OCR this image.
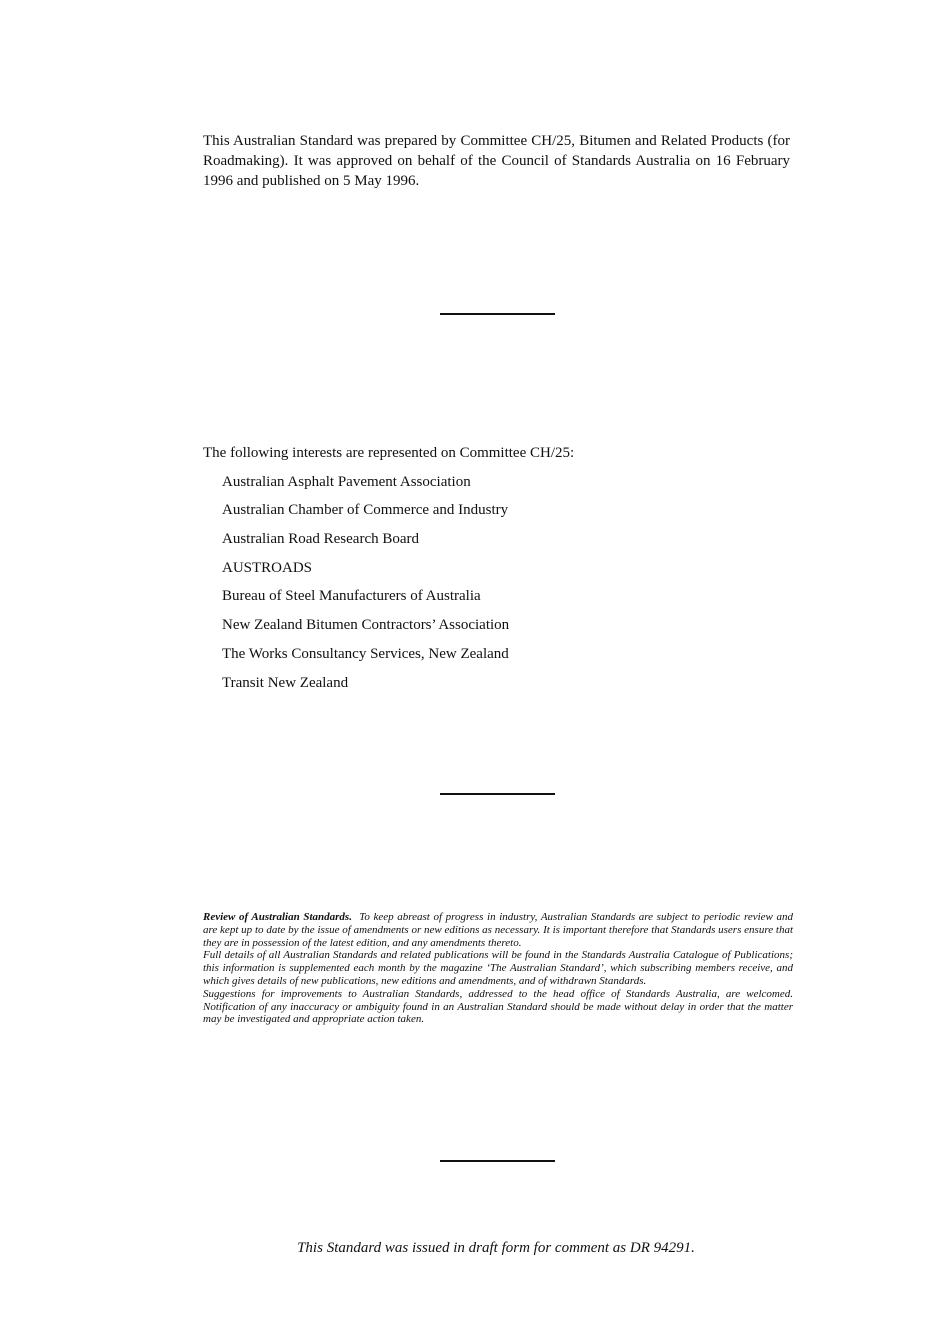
This Australian Standard was prepared by Committee CH/25, Bitumen and Related Products (for Roadmaking). It was approved on behalf of the Council of Standards Australia on 16 February 1996 and published on 5 May 1996.

The following interests are represented on Committee CH/25:

Australian Asphalt Pavement Association
Australian Chamber of Commerce and Industry
Australian Road Research Board
AUSTROADS
Bureau of Steel Manufacturers of Australia
New Zealand Bitumen Contractors’ Association
The Works Consultancy Services, New Zealand
Transit New Zealand

Review of Australian Standards. To keep abreast of progress in industry, Australian Standards are subject to periodic review and are kept up to date by the issue of amendments or new editions as necessary. It is important therefore that Standards users ensure that they are in possession of the latest edition, and any amendments thereto.

Full details of all Australian Standards and related publications will be found in the Standards Australia Catalogue of Publications; this information is supplemented each month by the magazine ‘The Australian Standard’, which subscribing members receive, and which gives details of new publications, new editions and amendments, and of withdrawn Standards.

Suggestions for improvements to Australian Standards, addressed to the head office of Standards Australia, are welcomed. Notification of any inaccuracy or ambiguity found in an Australian Standard should be made without delay in order that the matter may be investigated and appropriate action taken.

This Standard was issued in draft form for comment as DR 94291.
